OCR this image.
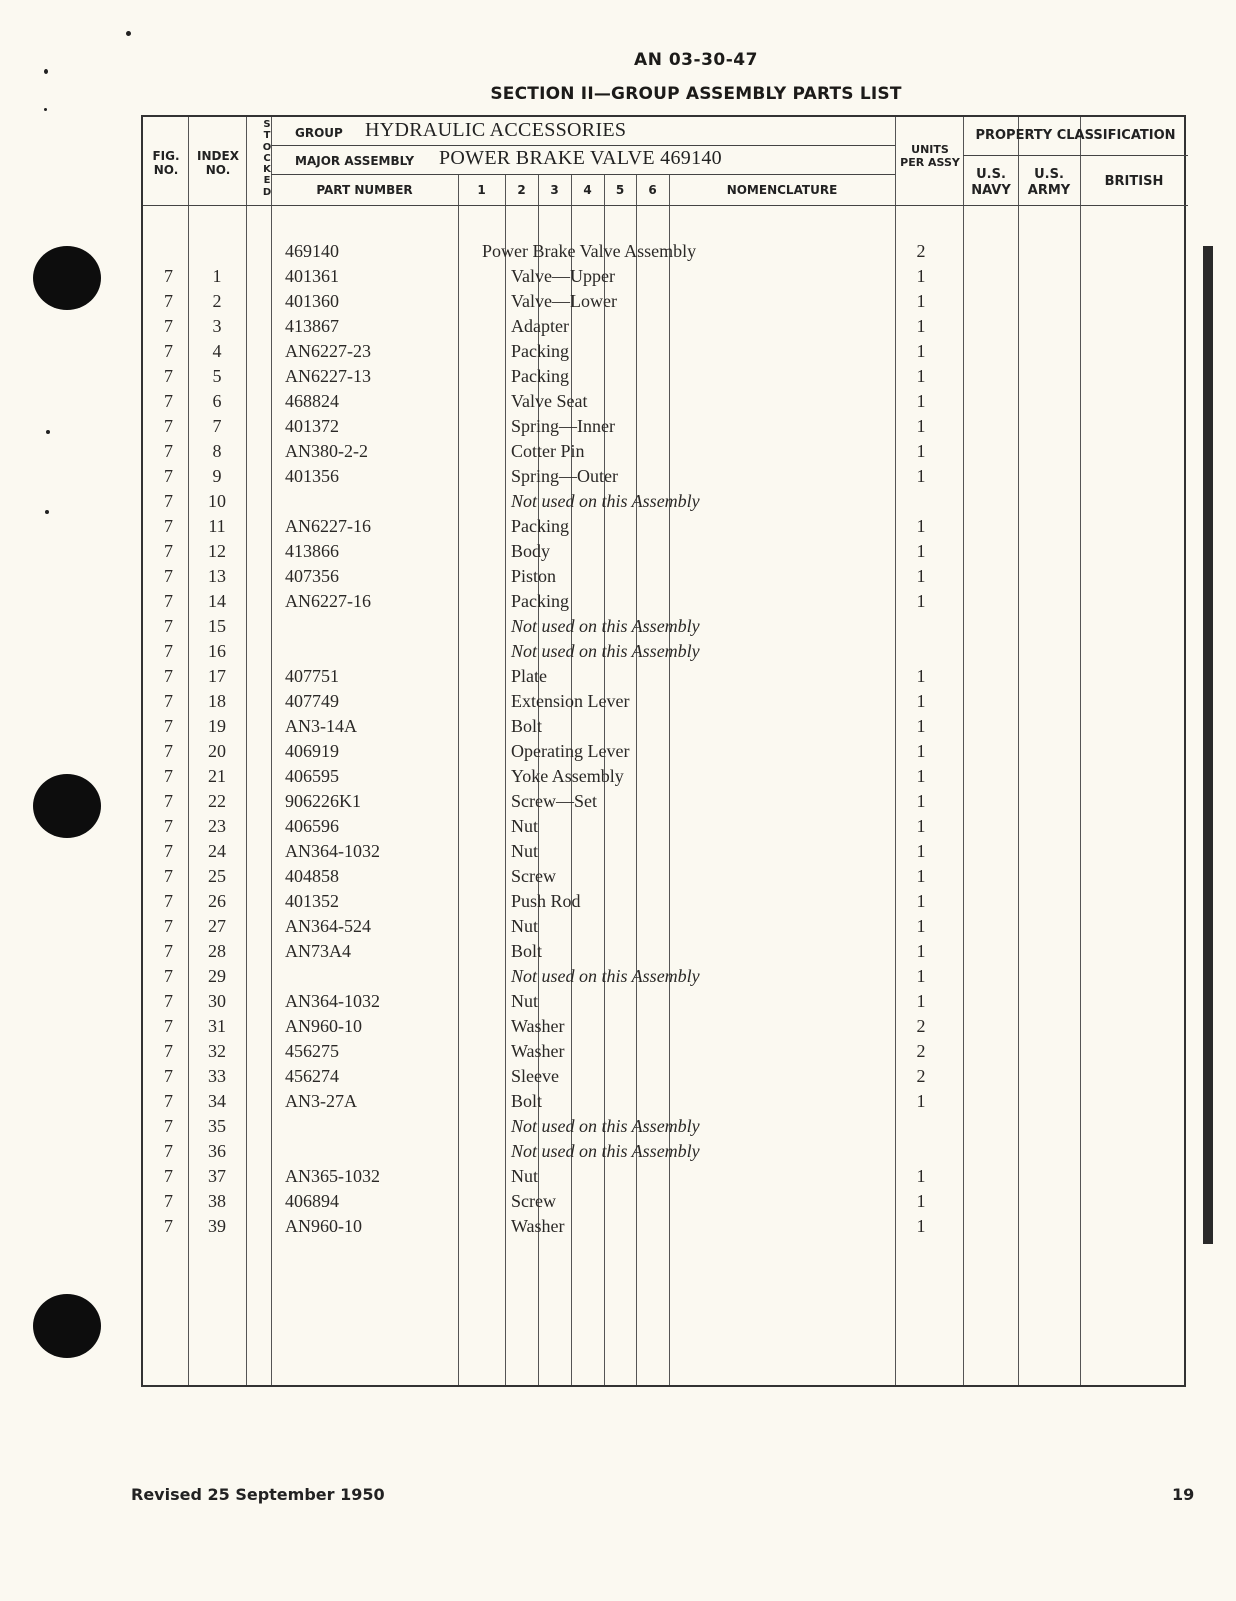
AN 03-30-47
SECTION II—GROUP ASSEMBLY PARTS LIST
FIG. NO.
INDEX NO.
S
T
O
C
K
E
D
GROUP HYDRAULIC ACCESSORIES
MAJOR ASSEMBLY POWER BRAKE VALVE 469140
PART NUMBER	1	2	3	4	5	6	NOMENCLATURE
UNITS PER ASSY
PROPERTY CLASSIFICATION
U.S. NAVY
U.S. ARMY
BRITISH
469140	Power Brake Valve Assembly	2
7	1	401361	Valve—Upper	1
7	2	401360	Valve—Lower	1
7	3	413867	Adapter	1
7	4	AN6227-23	Packing	1
7	5	AN6227-13	Packing	1
7	6	468824	Valve Seat	1
7	7	401372	Spring—Inner	1
7	8	AN380-2-2	Cotter Pin	1
7	9	401356	Spring—Outer	1
7	10	Not used on this Assembly
7	11	AN6227-16	Packing	1
7	12	413866	Body	1
7	13	407356	Piston	1
7	14	AN6227-16	Packing	1
7	15	Not used on this Assembly
7	16	Not used on this Assembly
7	17	407751	Plate	1
7	18	407749	Extension Lever	1
7	19	AN3-14A	Bolt	1
7	20	406919	Operating Lever	1
7	21	406595	Yoke Assembly	1
7	22	906226K1	Screw—Set	1
7	23	406596	Nut	1
7	24	AN364-1032	Nut	1
7	25	404858	Screw	1
7	26	401352	Push Rod	1
7	27	AN364-524	Nut	1
7	28	AN73A4	Bolt	1
7	29	Not used on this Assembly	1
7	30	AN364-1032	Nut	1
7	31	AN960-10	Washer	2
7	32	456275	Washer	2
7	33	456274	Sleeve	2
7	34	AN3-27A	Bolt	1
7	35	Not used on this Assembly
7	36	Not used on this Assembly
7	37	AN365-1032	Nut	1
7	38	406894	Screw	1
7	39	AN960-10	Washer	1
Revised 25 September 1950	19
